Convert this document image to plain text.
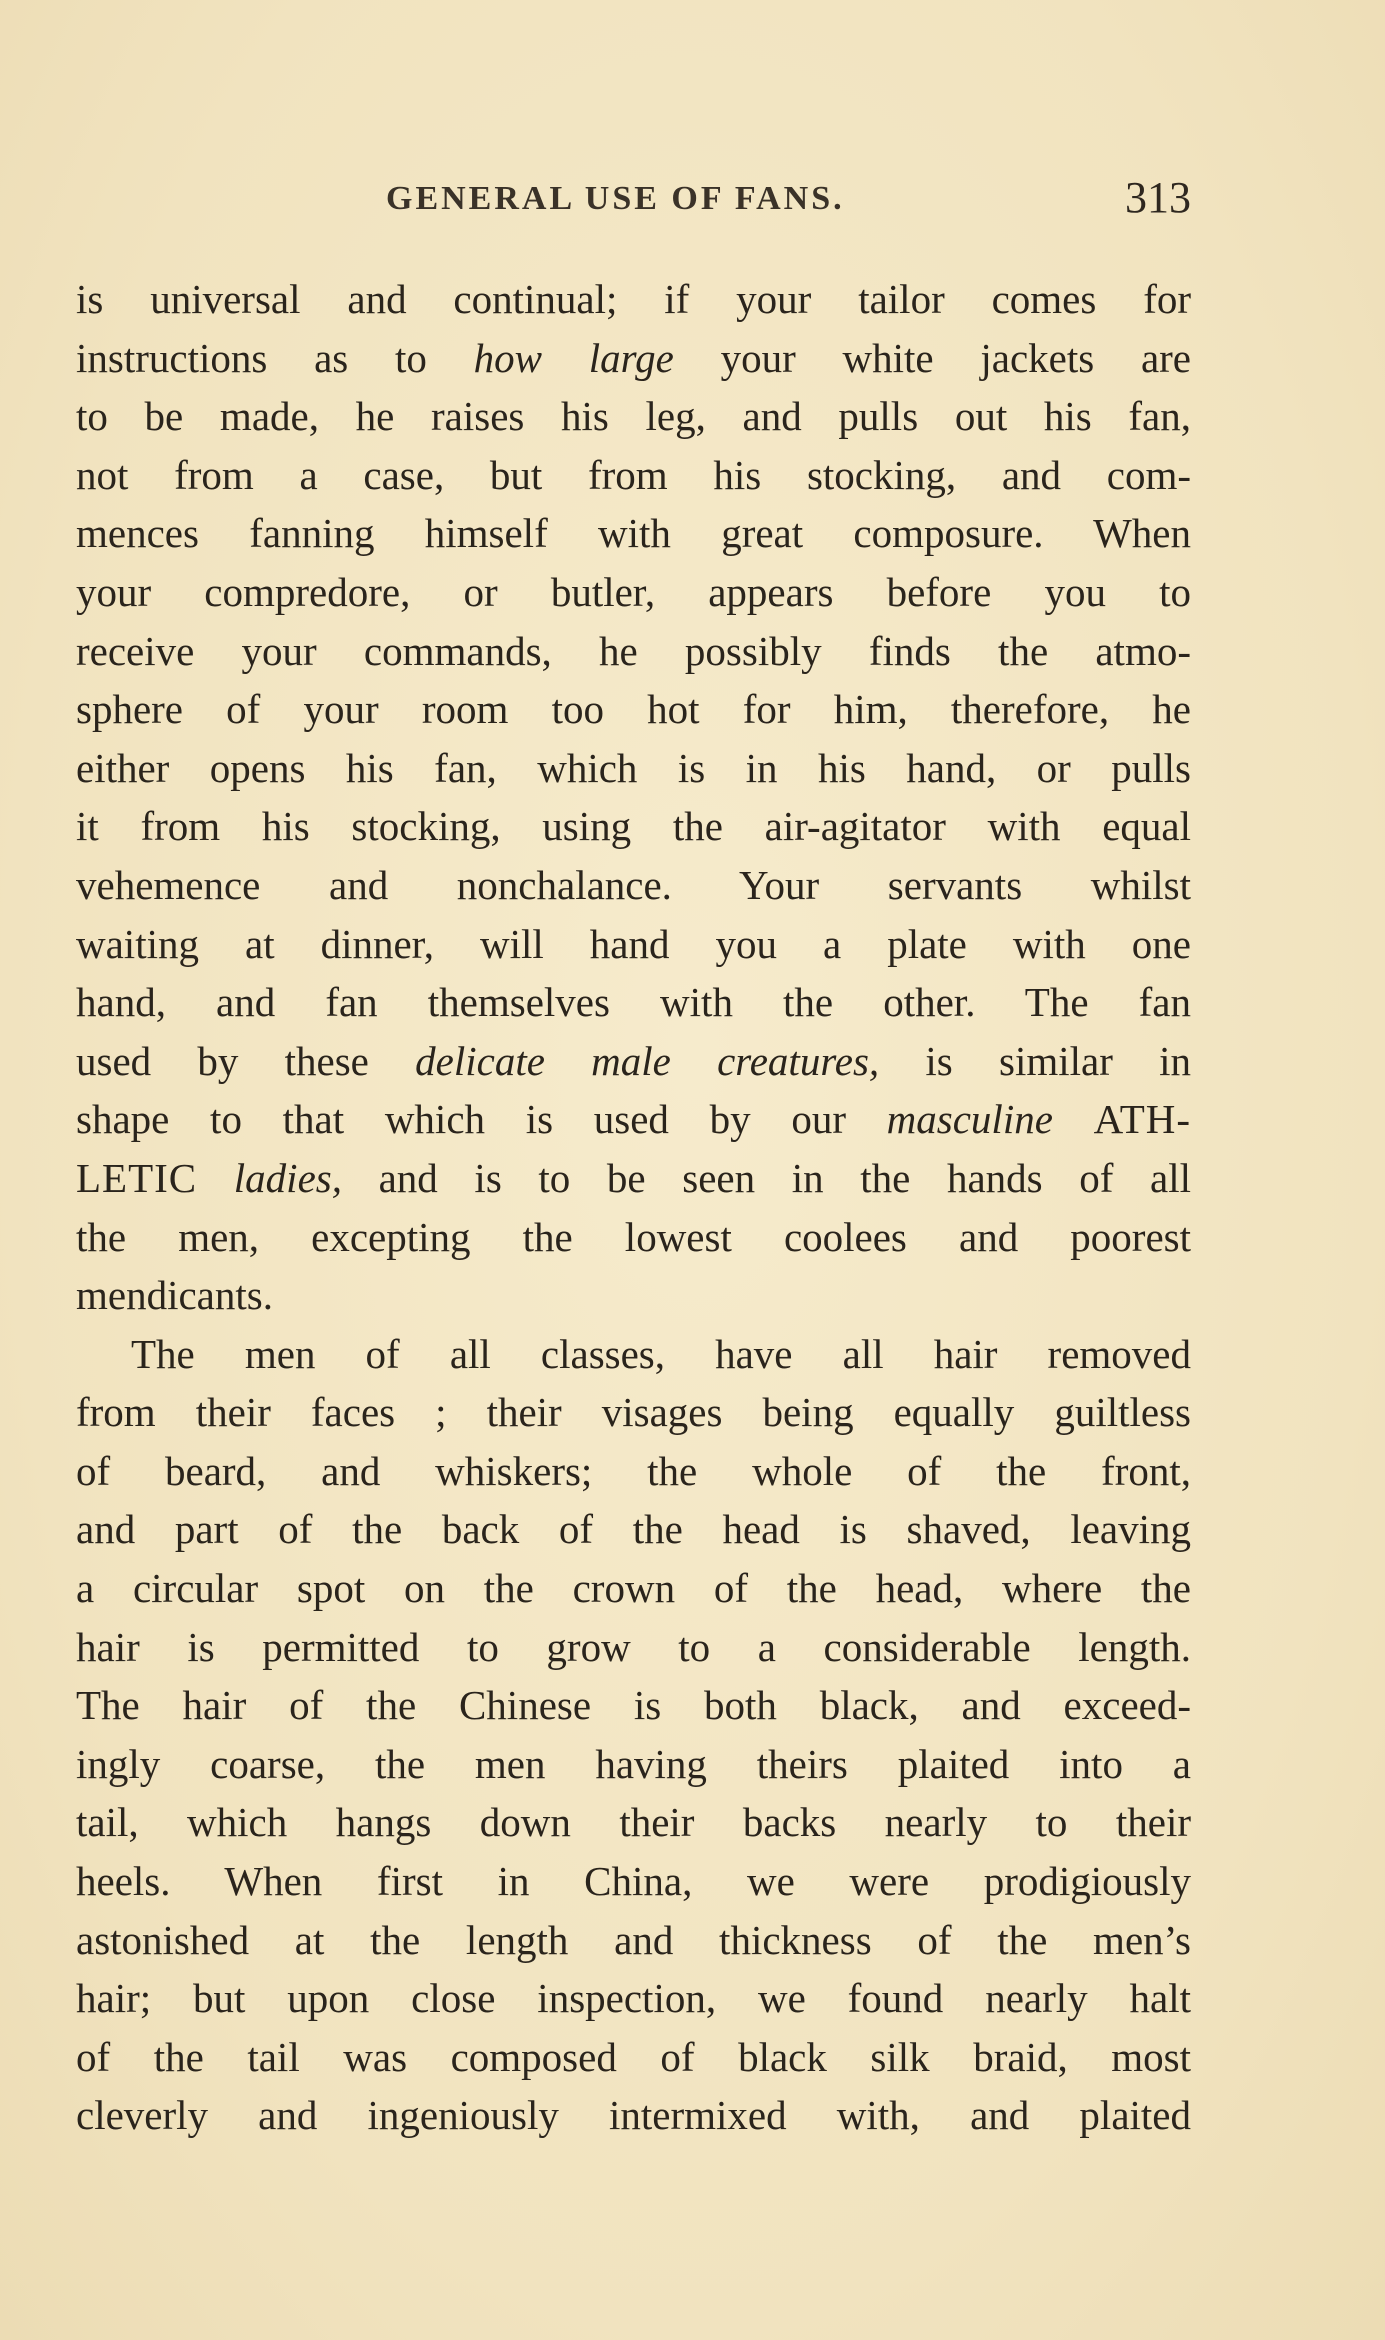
GENERAL USE OF FANS.	313
is universal and continual; if your tailor comes for
instructions as to how large your white jackets are
to be made, he raises his leg, and pulls out his fan,
not from a case, but from his stocking, and com-
mences fanning himself with great composure. When
your compredore, or butler, appears before you to
receive your commands, he possibly finds the atmo-
sphere of your room too hot for him, therefore, he
either opens his fan, which is in his hand, or pulls
it from his stocking, using the air-agitator with equal
vehemence and nonchalance. Your servants whilst
waiting at dinner, will hand you a plate with one
hand, and fan themselves with the other. The fan
used by these delicate male creatures, is similar in
shape to that which is used by our masculine ATH-
LETIC ladies, and is to be seen in the hands of all
the men, excepting the lowest coolees and poorest
mendicants.
The men of all classes, have all hair removed
from their faces ; their visages being equally guiltless
of beard, and whiskers; the whole of the front,
and part of the back of the head is shaved, leaving
a circular spot on the crown of the head, where the
hair is permitted to grow to a considerable length.
The hair of the Chinese is both black, and exceed-
ingly coarse, the men having theirs plaited into a
tail, which hangs down their backs nearly to their
heels. When first in China, we were prodigiously
astonished at the length and thickness of the men’s
hair; but upon close inspection, we found nearly halt
of the tail was composed of black silk braid, most
cleverly and ingeniously intermixed with, and plaited
